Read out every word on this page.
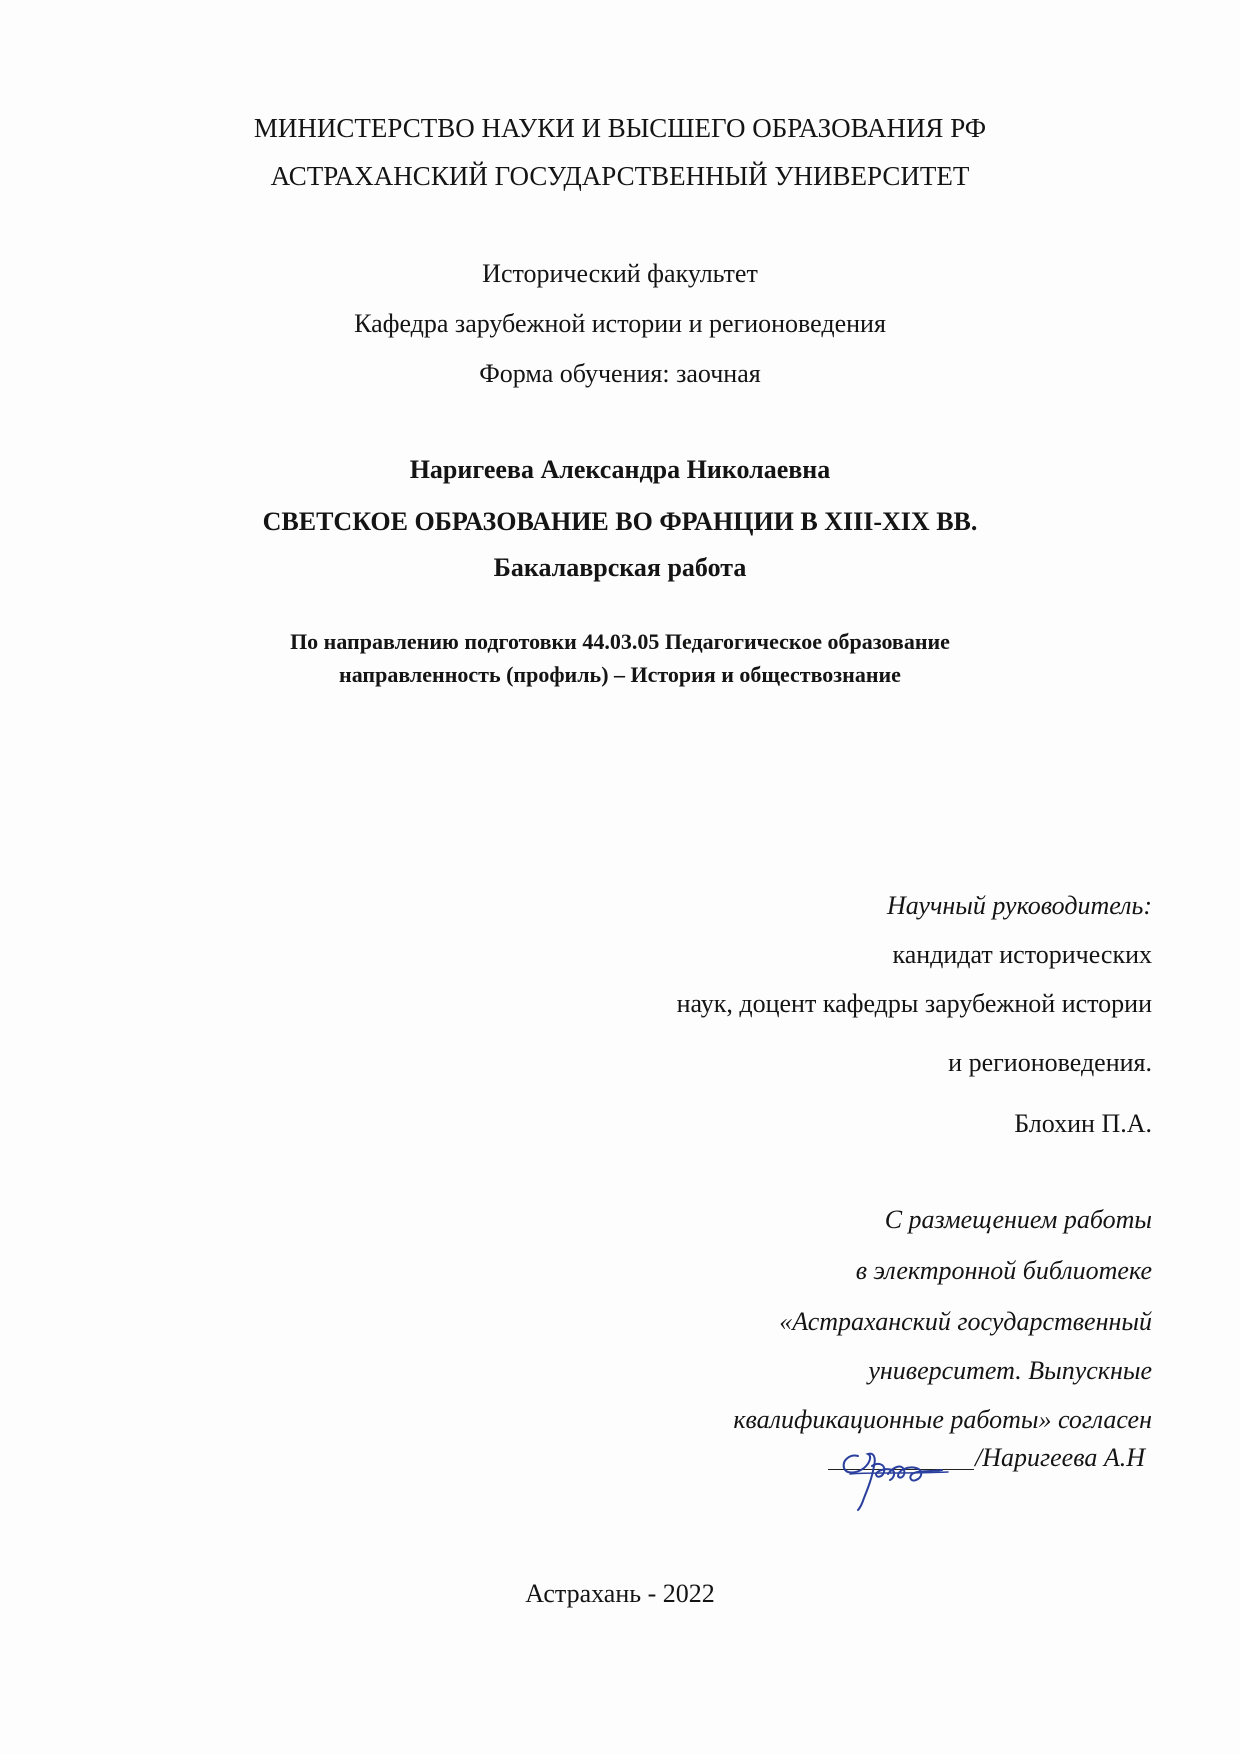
МИНИСТЕРСТВО НАУКИ И ВЫСШЕГО ОБРАЗОВАНИЯ РФ
АСТРАХАНСКИЙ ГОСУДАРСТВЕННЫЙ УНИВЕРСИТЕТ
Исторический факультет
Кафедра зарубежной истории и регионоведения
Форма обучения: заочная
Наригеева Александра Николаевна
СВЕТСКОЕ ОБРАЗОВАНИЕ ВО ФРАНЦИИ В XIII-XIX ВВ.
Бакалаврская работа
По направлению подготовки 44.03.05 Педагогическое образование
направленность (профиль) – История и обществознание
Научный руководитель:
кандидат исторических
наук, доцент кафедры зарубежной истории
и регионоведения.
Блохин П.А.
С размещением работы
в электронной библиотеке
«Астраханский государственный
университет. Выпускные
квалификационные работы» согласен
/Наригеева А.Н
Астрахань - 2022
